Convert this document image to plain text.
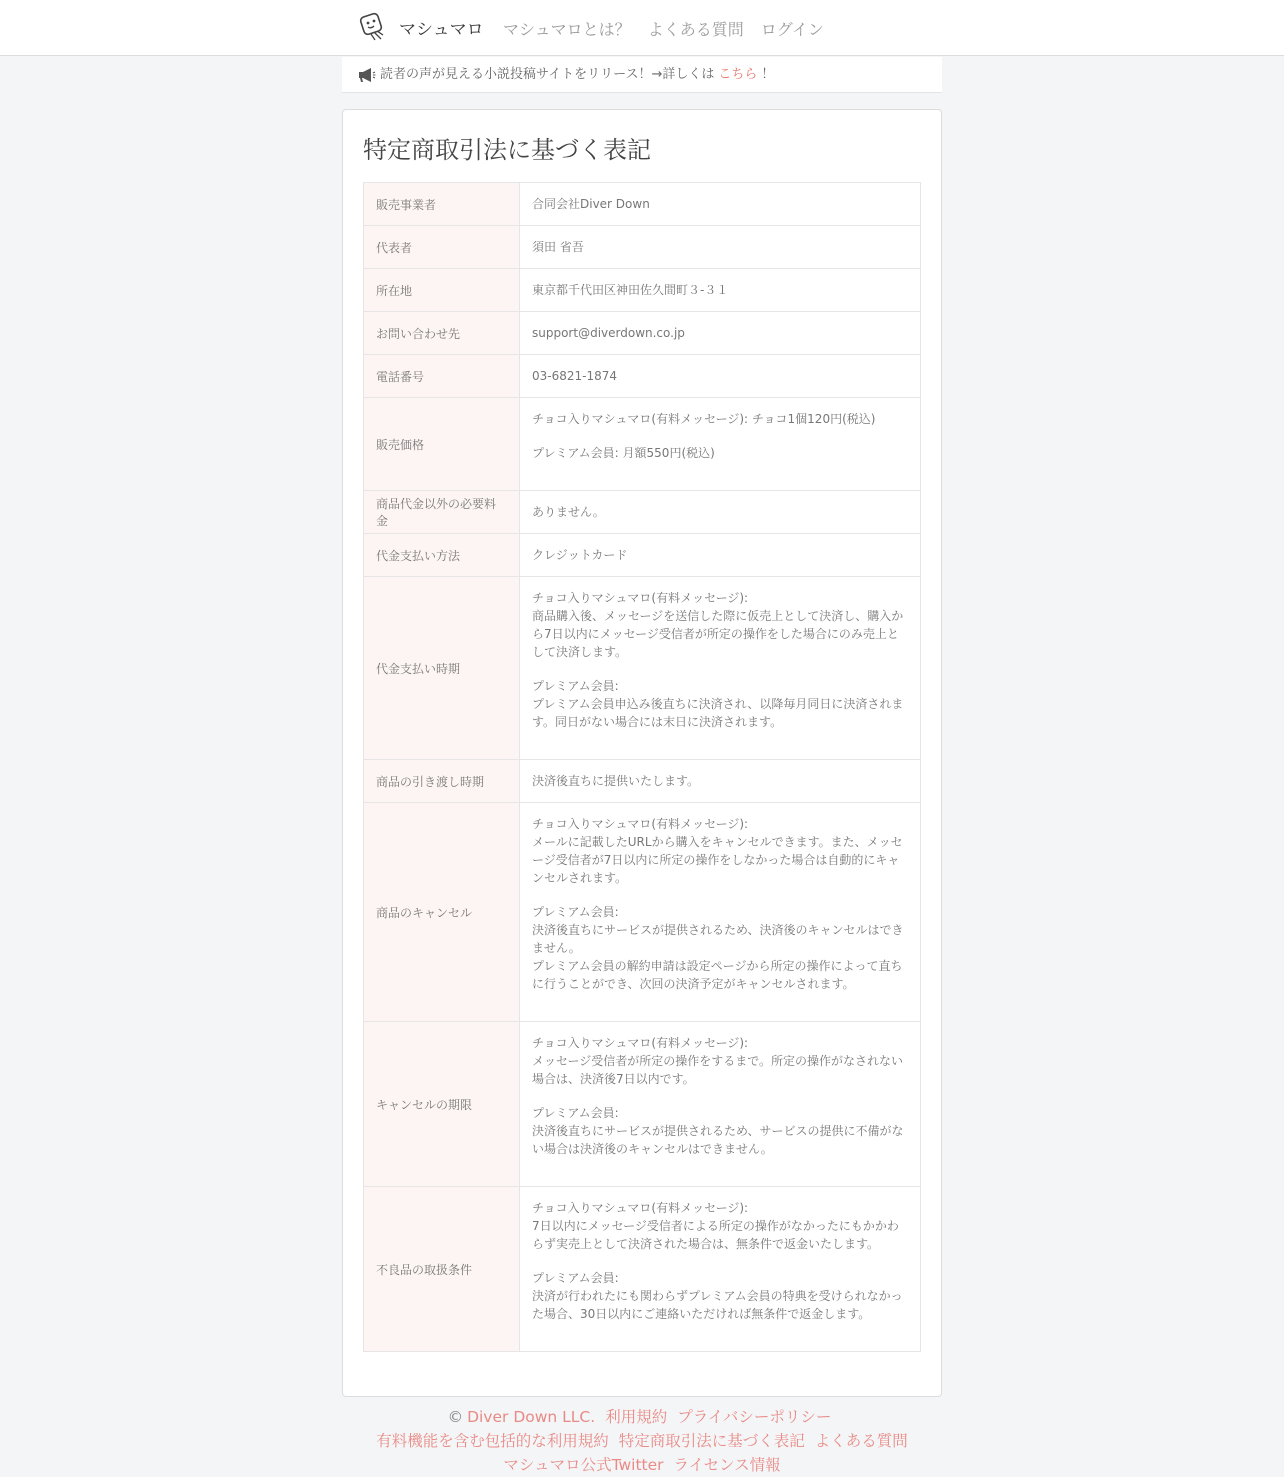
マシュマロ マシュマロとは？ よくある質問 ログイン
読者の声が見える小説投稿サイトをリリース！→詳しくは こちら ！
特定商取引法に基づく表記
販売事業者	合同会社Diver Down

代表者	須田 省吾

所在地	東京都千代田区神田佐久間町３-３１

お問い合わせ先	support@diverdown.co.jp

電話番号	03-6821-1874

販売価格	チョコ入りマシュマロ(有料メッセージ): チョコ1個120円(税込)

プレミアム会員: 月額550円(税込)

商品代金以外の必要料金	ありません。

代金支払い方法	クレジットカード

代金支払い時期	チョコ入りマシュマロ(有料メッセージ):
商品購入後、メッセージを送信した際に仮売上として決済し、購入から7日以内にメッセージ受信者が所定の操作をした場合にのみ売上として決済します。

プレミアム会員:
プレミアム会員申込み後直ちに決済され、以降毎月同日に決済されます。同日がない場合には末日に決済されます。

商品の引き渡し時期	決済後直ちに提供いたします。

商品のキャンセル	チョコ入りマシュマロ(有料メッセージ):
メールに記載したURLから購入をキャンセルできます。また、メッセージ受信者が7日以内に所定の操作をしなかった場合は自動的にキャンセルされます。

プレミアム会員:
決済後直ちにサービスが提供されるため、決済後のキャンセルはできません。
プレミアム会員の解約申請は設定ページから所定の操作によって直ちに行うことができ、次回の決済予定がキャンセルされます。

キャンセルの期限	チョコ入りマシュマロ(有料メッセージ):
メッセージ受信者が所定の操作をするまで。所定の操作がなされない場合は、決済後7日以内です。

プレミアム会員:
決済後直ちにサービスが提供されるため、サービスの提供に不備がない場合は決済後のキャンセルはできません。

不良品の取扱条件	チョコ入りマシュマロ(有料メッセージ):
7日以内にメッセージ受信者による所定の操作がなかったにもかかわらず実売上として決済された場合は、無条件で返金いたします。

プレミアム会員:
決済が行われたにも関わらずプレミアム会員の特典を受けられなかった場合、30日以内にご連絡いただければ無条件で返金します。

© Diver Down LLC. 利用規約 プライバシーポリシー
有料機能を含む包括的な利用規約 特定商取引法に基づく表記 よくある質問
マシュマロ公式Twitter ライセンス情報
